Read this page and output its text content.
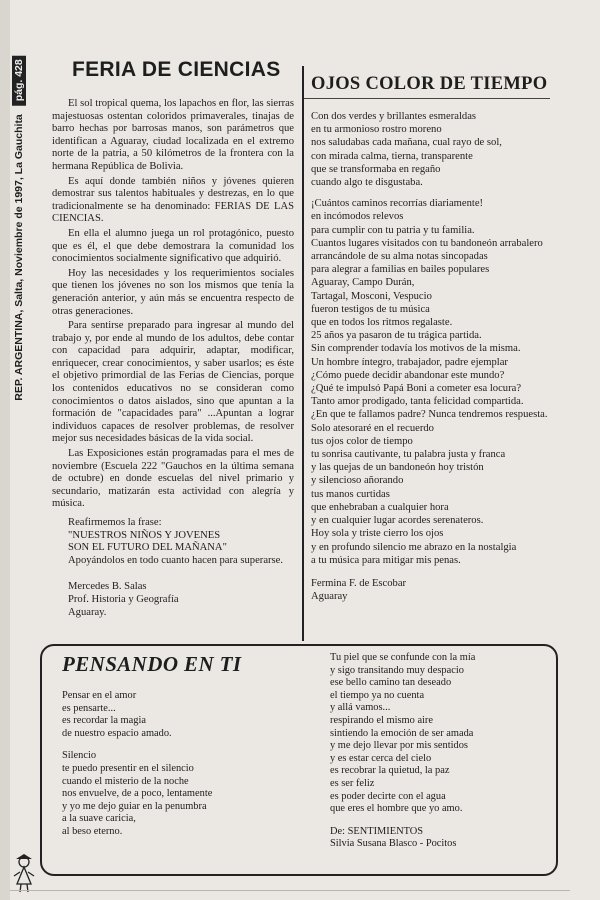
REP. ARGENTINA, Salta, Noviembre de 1997, La Gauchita pág. 428 FERIA DE CIENCIAS

El sol tropical quema, los lapachos en flor, las sierras majestuosas ostentan coloridos primaverales, tinajas de barro hechas por barrosas manos, son parámetros que identifican a Aguaray, ciudad localizada en el extremo norte de la patria, a 50 kilómetros de la frontera con la hermana República de Bolivia.

Es aquí donde también niños y jóvenes quieren demostrar sus talentos habituales y destrezas, en lo que tradicionalmente se ha denominado: FERIAS DE LAS CIENCIAS.

En ella el alumno juega un rol protagónico, puesto que es él, el que debe demostrara la comunidad los conocimientos socialmente significativo que adquirió.

Hoy las necesidades y los requerimientos sociales que tienen los jóvenes no son los mismos que tenía la generación anterior, y aún más se encuentra respecto de otras generaciones.

Para sentirse preparado para ingresar al mundo del trabajo y, por ende al mundo de los adultos, debe contar con capacidad para adquirir, adaptar, modificar, enriquecer, crear conocimientos, y saber usarlos; es éste el objetivo primordial de las Ferias de Ciencias, porque los contenidos educativos no se consideran como conocimientos o datos aislados, sino que apuntan a la formación de "capacidades para" ...Apuntan a lograr individuos capaces de resolver problemas, de resolver mejor sus necesidades básicas de la vida social.

Las Exposiciones están programadas para el mes de noviembre (Escuela 222 "Gauchos en la última semana de octubre) en donde escuelas del nivel primario y secundario, matizarán esta actividad con alegría y música.

Reafirmemos la frase:
"NUESTROS NIÑOS Y JOVENES
SON EL FUTURO DEL MAÑANA"
Apoyándolos en todo cuanto hacen para superarse.
Mercedes B. Salas
Prof. Historia y Geografía
Aguaray.
OJOS COLOR DE TIEMPO
Con dos verdes y brillantes esmeraldas
en tu armonioso rostro moreno
nos saludabas cada mañana, cual rayo de sol,
con mirada calma, tierna, transparente
que se transformaba en regaño
cuando algo te disgustaba.
¡Cuántos caminos recorrías diariamente!
en incómodos relevos
para cumplir con tu patria y tu familia.
Cuantos lugares visitados con tu bandoneón arrabalero
arrancándole de su alma notas sincopadas
para alegrar a familias en bailes populares
Aguaray, Campo Durán,
Tartagal, Mosconi, Vespucio
fueron testigos de tu música
que en todos los ritmos regalaste.
25 años ya pasaron de tu trágica partida.
Sin comprender todavía los motivos de la misma.
Un hombre íntegro, trabajador, padre ejemplar
¿Cómo puede decidir abandonar este mundo?
¿Qué te impulsó Papá Boni a cometer esa locura?
Tanto amor prodigado, tanta felicidad compartida.
¿En que te fallamos padre? Nunca tendremos respuesta.
Solo atesoraré en el recuerdo
tus ojos color de tiempo
tu sonrisa cautivante, tu palabra justa y franca
y las quejas de un bandoneón hoy tristón
y silencioso añorando
tus manos curtidas
que enhebraban a cualquier hora
y en cualquier lugar acordes serenateros.
Hoy sola y triste cierro los ojos
y en profundo silencio me abrazo en la nostalgia
a tu música para mitigar mis penas.
Fermina F. de Escobar
Aguaray
PENSANDO EN TI
Pensar en el amor
es pensarte...
es recordar la magia
de nuestro espacio amado.
Silencio
te puedo presentir en el silencio
cuando el misterio de la noche
nos envuelve, de a poco, lentamente
y yo me dejo guiar en la penumbra
a la suave caricia,
al beso eterno.
Tu piel que se confunde con la mía
y sigo transitando muy despacio
ese bello camino tan deseado
el tiempo ya no cuenta
y allá vamos...
respirando el mismo aire
sintiendo la emoción de ser amada
y me dejo llevar por mis sentidos
y es estar cerca del cielo
es recobrar la quietud, la paz
es ser feliz
es poder decirte con el agua
que eres el hombre que yo amo.
De: SENTIMIENTOS
Silvia Susana Blasco - Pocitos
